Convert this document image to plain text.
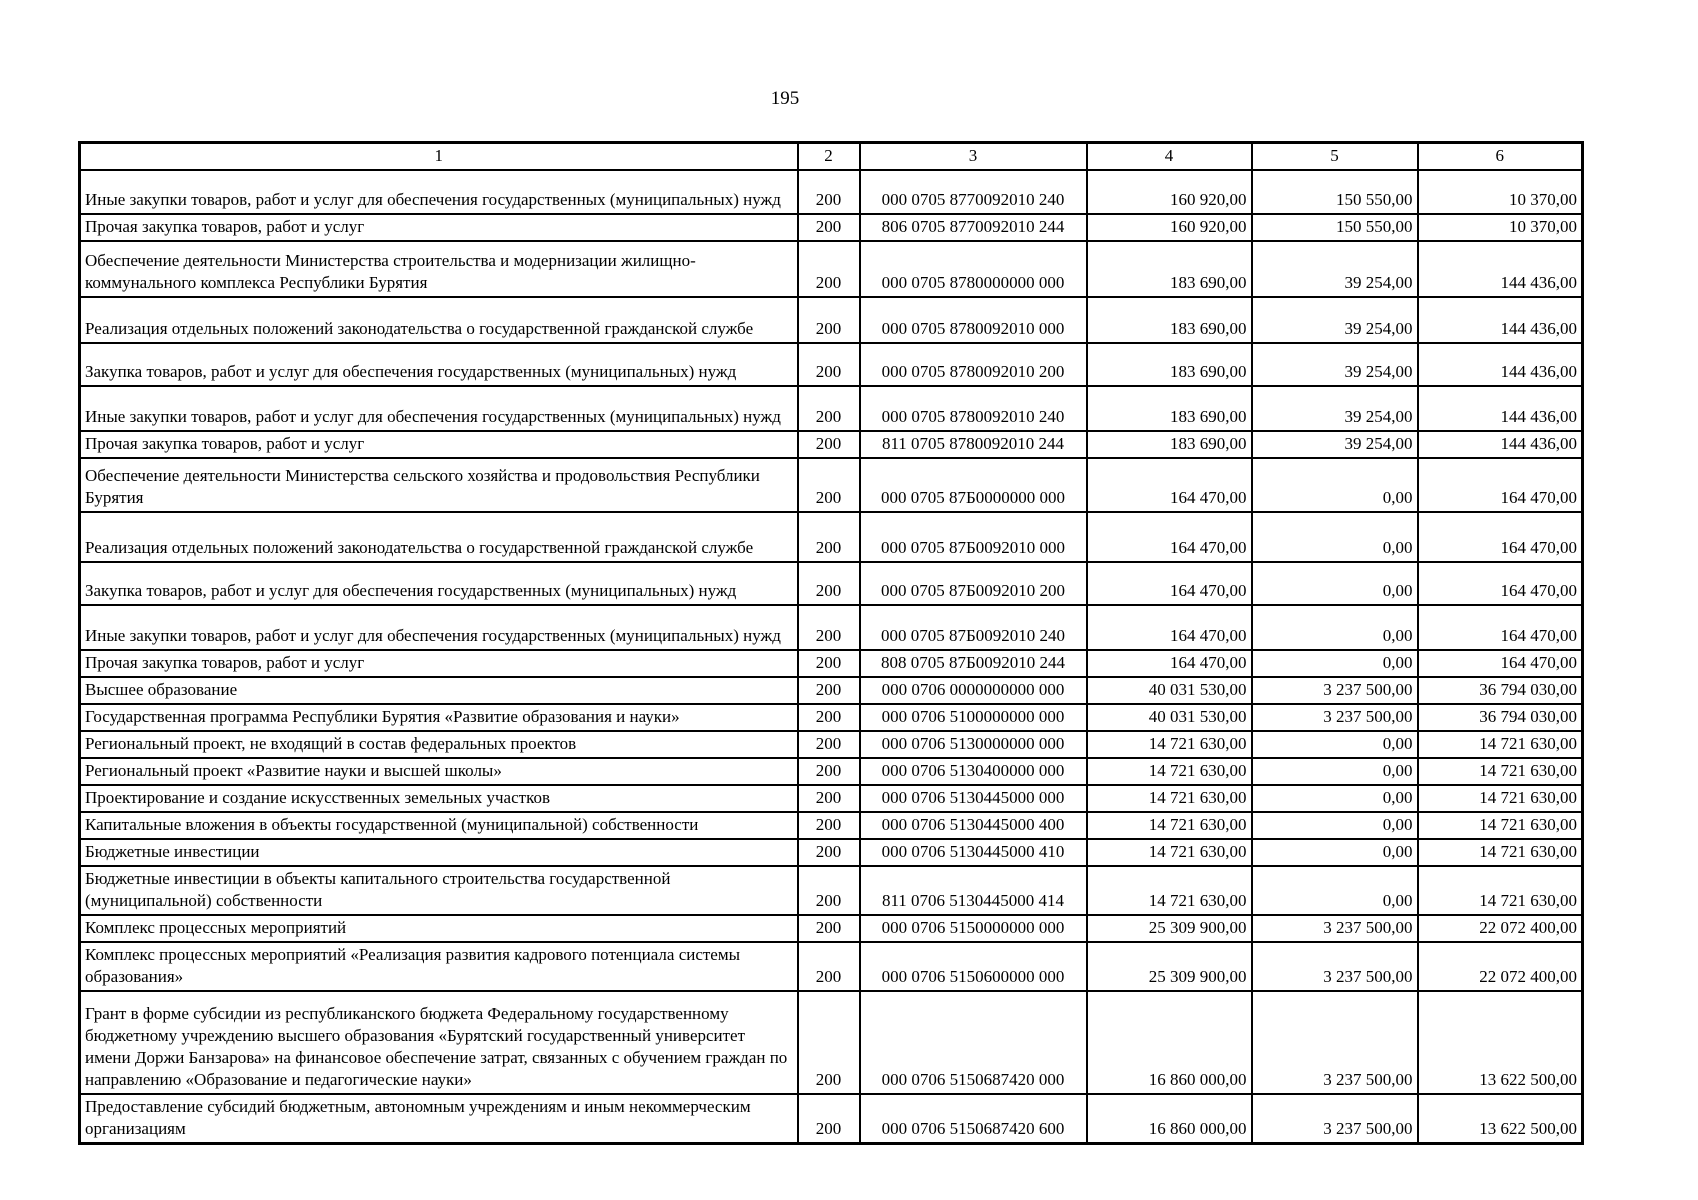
195
1	2	3	4	5	6
Иные закупки товаров, работ и услуг для обеспечения государственных (муниципальных) нужд	200	000 0705 8770092010 240	160 920,00	150 550,00	10 370,00
Прочая закупка товаров, работ и услуг	200	806 0705 8770092010 244	160 920,00	150 550,00	10 370,00
Обеспечение деятельности Министерства строительства и модернизации жилищно-коммунального комплекса Республики Бурятия	200	000 0705 8780000000 000	183 690,00	39 254,00	144 436,00
Реализация отдельных положений законодательства о государственной гражданской службе	200	000 0705 8780092010 000	183 690,00	39 254,00	144 436,00
Закупка товаров, работ и услуг для обеспечения государственных (муниципальных) нужд	200	000 0705 8780092010 200	183 690,00	39 254,00	144 436,00
Иные закупки товаров, работ и услуг для обеспечения государственных (муниципальных) нужд	200	000 0705 8780092010 240	183 690,00	39 254,00	144 436,00
Прочая закупка товаров, работ и услуг	200	811 0705 8780092010 244	183 690,00	39 254,00	144 436,00
Обеспечение деятельности Министерства сельского хозяйства и продовольствия Республики Бурятия	200	000 0705 87Б0000000 000	164 470,00	0,00	164 470,00
Реализация отдельных положений законодательства о государственной гражданской службе	200	000 0705 87Б0092010 000	164 470,00	0,00	164 470,00
Закупка товаров, работ и услуг для обеспечения государственных (муниципальных) нужд	200	000 0705 87Б0092010 200	164 470,00	0,00	164 470,00
Иные закупки товаров, работ и услуг для обеспечения государственных (муниципальных) нужд	200	000 0705 87Б0092010 240	164 470,00	0,00	164 470,00
Прочая закупка товаров, работ и услуг	200	808 0705 87Б0092010 244	164 470,00	0,00	164 470,00
Высшее образование	200	000 0706 0000000000 000	40 031 530,00	3 237 500,00	36 794 030,00
Государственная программа Республики Бурятия «Развитие образования и науки»	200	000 0706 5100000000 000	40 031 530,00	3 237 500,00	36 794 030,00
Региональный проект, не входящий в состав федеральных проектов	200	000 0706 5130000000 000	14 721 630,00	0,00	14 721 630,00
Региональный проект «Развитие науки и высшей школы»	200	000 0706 5130400000 000	14 721 630,00	0,00	14 721 630,00
Проектирование и создание искусственных земельных участков	200	000 0706 5130445000 000	14 721 630,00	0,00	14 721 630,00
Капитальные вложения в объекты государственной (муниципальной) собственности	200	000 0706 5130445000 400	14 721 630,00	0,00	14 721 630,00
Бюджетные инвестиции	200	000 0706 5130445000 410	14 721 630,00	0,00	14 721 630,00
Бюджетные инвестиции в объекты капитального строительства государственной (муниципальной) собственности	200	811 0706 5130445000 414	14 721 630,00	0,00	14 721 630,00
Комплекс процессных мероприятий	200	000 0706 5150000000 000	25 309 900,00	3 237 500,00	22 072 400,00
Комплекс процессных мероприятий «Реализация развития кадрового потенциала системы образования»	200	000 0706 5150600000 000	25 309 900,00	3 237 500,00	22 072 400,00
Грант в форме субсидии из республиканского бюджета Федеральному государственному бюджетному учреждению высшего образования «Бурятский государственный университет имени Доржи Банзарова» на финансовое обеспечение затрат, связанных с обучением граждан по направлению «Образование и педагогические науки»	200	000 0706 5150687420 000	16 860 000,00	3 237 500,00	13 622 500,00
Предоставление субсидий бюджетным, автономным учреждениям и иным некоммерческим организациям	200	000 0706 5150687420 600	16 860 000,00	3 237 500,00	13 622 500,00
